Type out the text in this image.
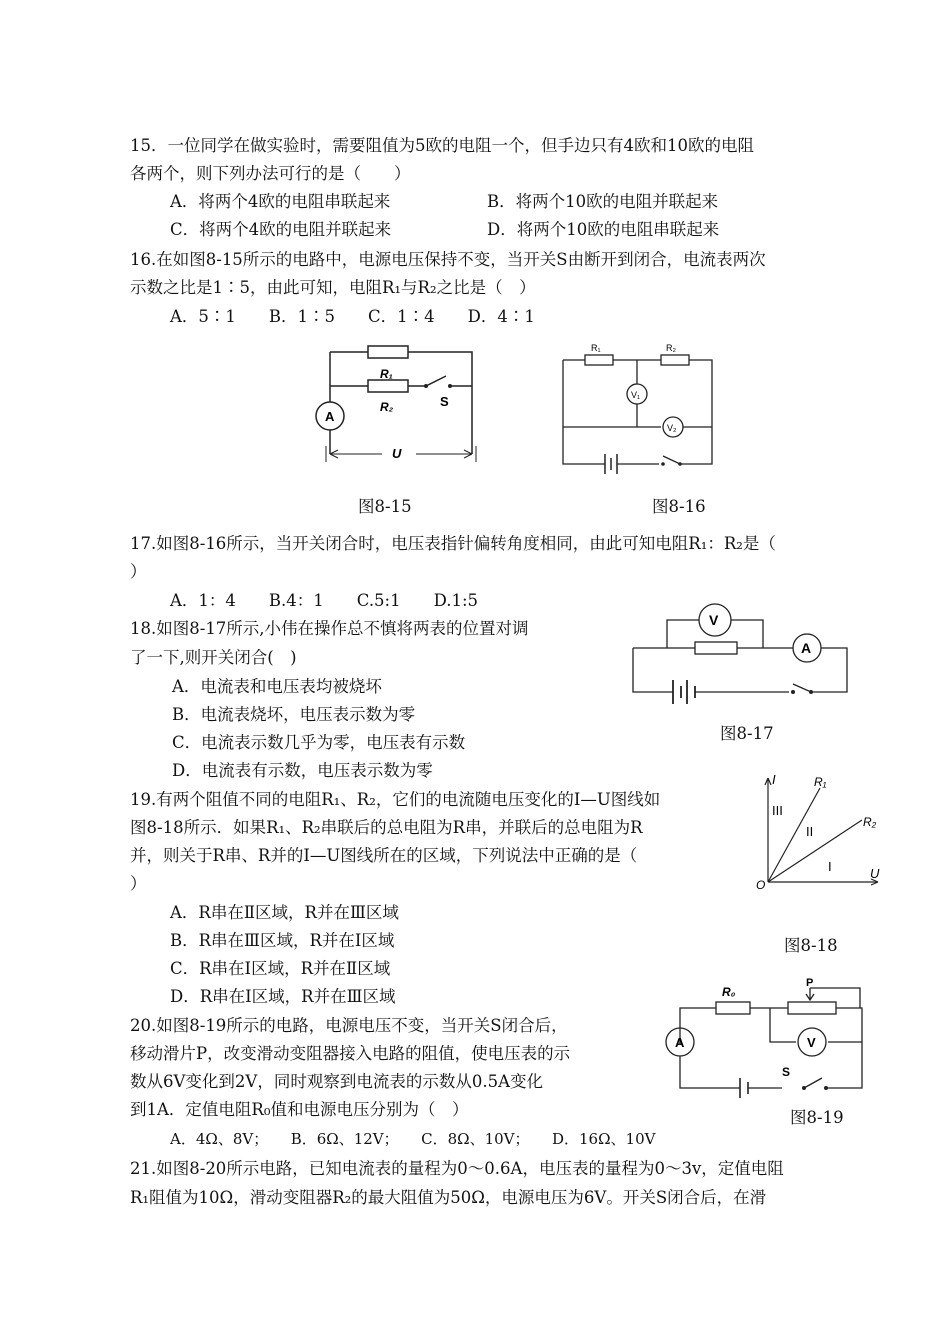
15．一位同学在做实验时，需要阻值为5欧的电阻一个，但手边只有4欧和10欧的电阻
各两个，则下列办法可行的是（　　）
A．将两个4欧的电阻串联起来	B．将两个10欧的电阻并联起来
C．将两个4欧的电阻并联起来	D．将两个10欧的电阻串联起来
16.在如图8-15所示的电路中，电源电压保持不变，当开关S由断开到闭合，电流表两次
示数之比是1∶5，由此可知，电阻R₁与R₂之比是（　）
A．5∶1　　B．1∶5　　C．1∶4　　D．4∶1
R₁
R₂	S
A
U
图8-15
R₁	R₂
V₁
V₂
图8-16
17.如图8-16所示，当开关闭合时，电压表指针偏转角度相同，由此可知电阻R₁：R₂是（
）
A．1：4　　B.4：1　　C.5:1　　D.1:5
18.如图8-17所示,小伟在操作总不慎将两表的位置对调
了一下,则开关闭合(　)
A．电流表和电压表均被烧坏
B．电流表烧坏，电压表示数为零
C．电流表示数几乎为零，电压表有示数
D．电流表有示数，电压表示数为零
V
A
图8-17
19.有两个阻值不同的电阻R₁、R₂，它们的电流随电压变化的I—U图线如
图8-18所示．如果R₁、R₂串联后的总电阻为R串，并联后的总电阻为R
并，则关于R串、R并的I—U图线所在的区域，下列说法中正确的是（
）
A．R串在Ⅱ区域，R并在Ⅲ区域
B．R串在Ⅲ区域，R并在Ⅰ区域
C．R串在Ⅰ区域，R并在Ⅱ区域
D．R串在Ⅰ区域，R并在Ⅲ区域
I
U
O
R₁
R₂
III
II
I
图8-18
20.如图8-19所示的电路，电源电压不变，当开关S闭合后，
移动滑片P，改变滑动变阻器接入电路的阻值，使电压表的示
数从6V变化到2V，同时观察到电流表的示数从0.5A变化
到1A．定值电阻R₀值和电源电压分别为（　）
A．4Ω、8V；　　B．6Ω、12V；　　C．8Ω、10V；　　D．16Ω、10V
R₀
P
A	V
S
图8-19
21.如图8-20所示电路，已知电流表的量程为0～0.6A，电压表的量程为0～3v，定值电阻
R₁阻值为10Ω，滑动变阻器R₂的最大阻值为50Ω，电源电压为6V。开关S闭合后，在滑
